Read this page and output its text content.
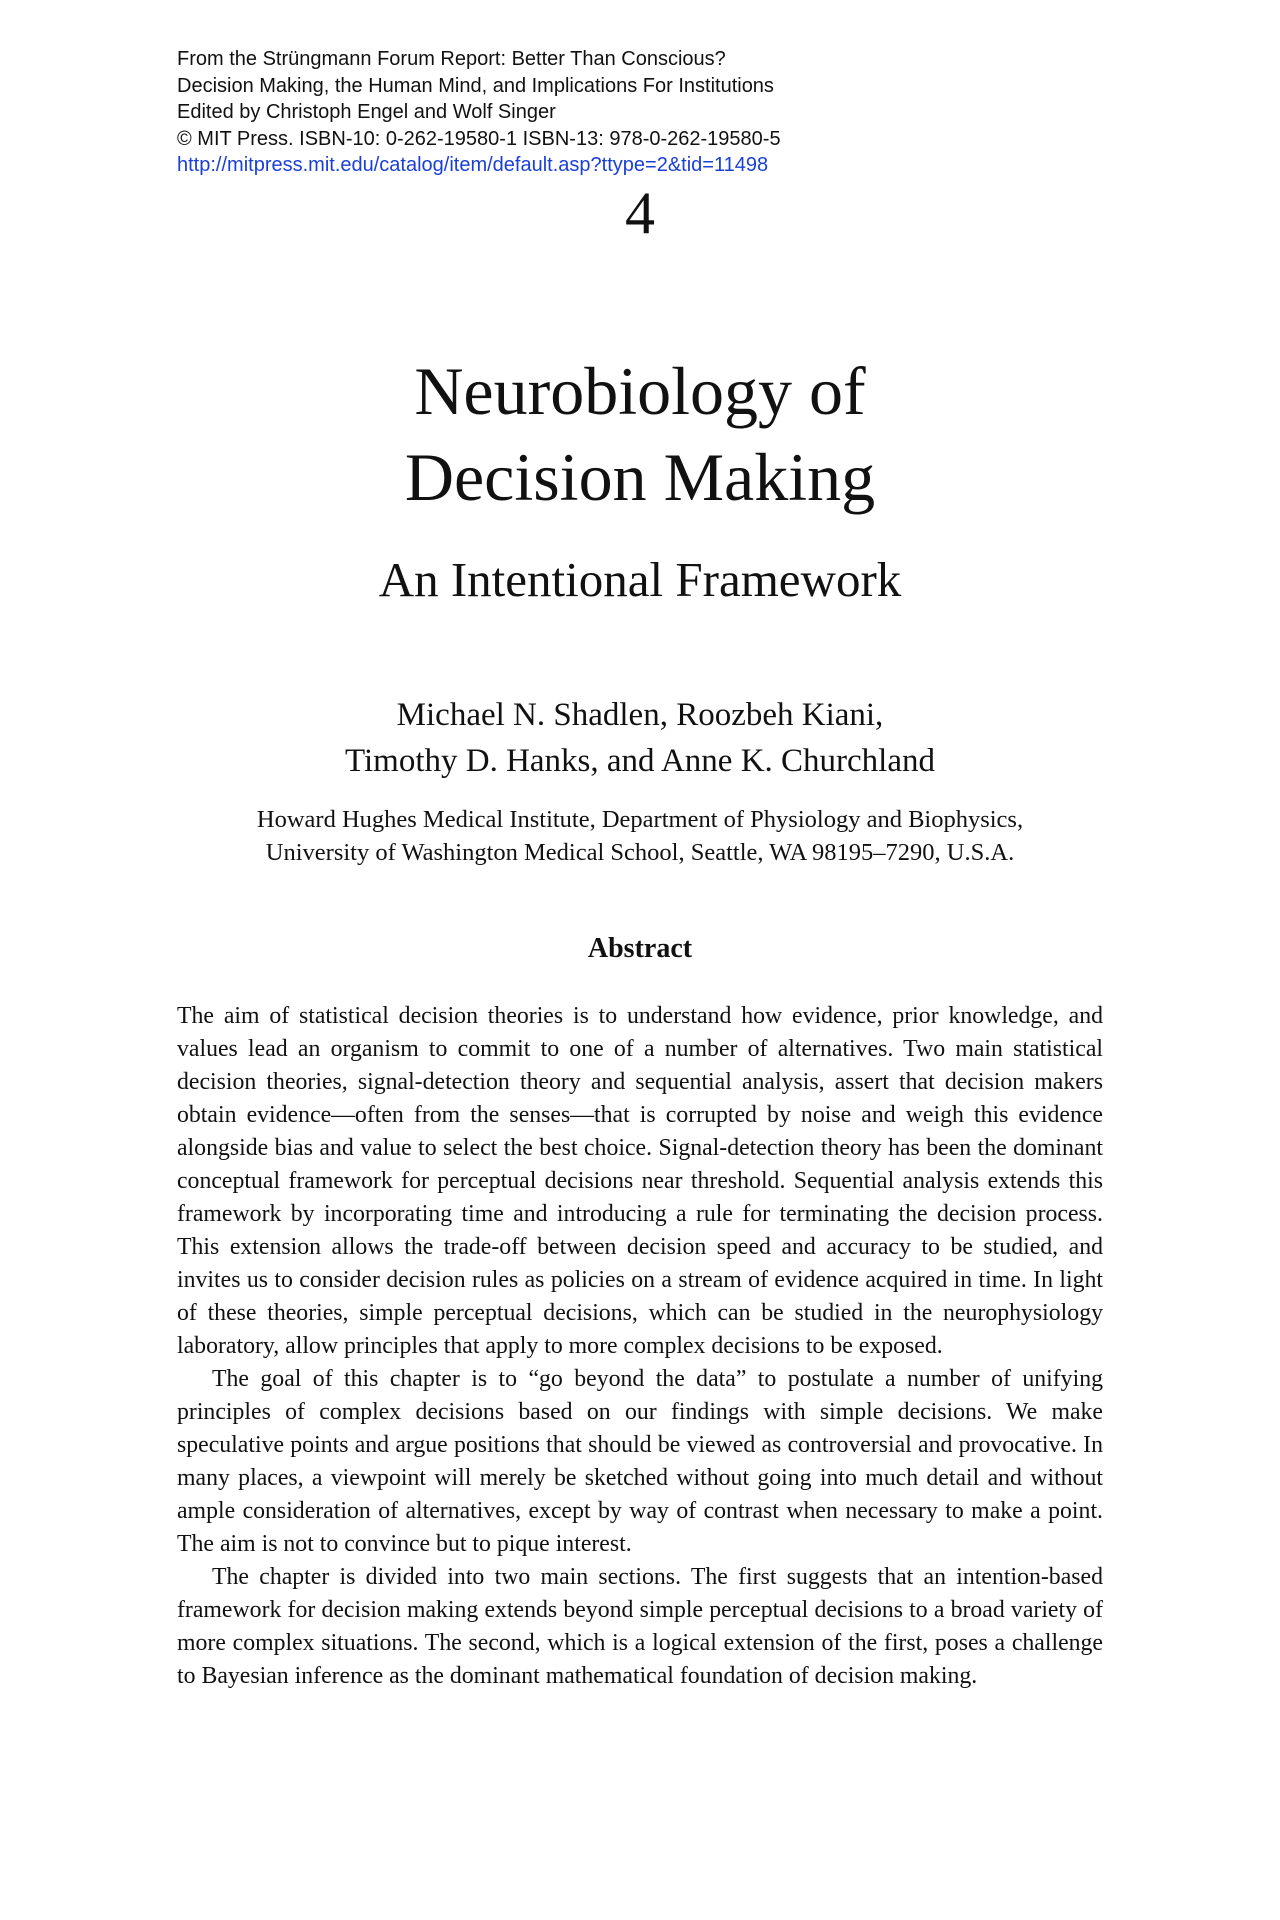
From the Strüngmann Forum Report: Better Than Conscious?
Decision Making, the Human Mind, and Implications For Institutions
Edited by Christoph Engel and Wolf Singer
© MIT Press. ISBN-10: 0-262-19580-1 ISBN-13: 978-0-262-19580-5
http://mitpress.mit.edu/catalog/item/default.asp?ttype=2&tid=11498
4
Neurobiology of
Decision Making
An Intentional Framework
Michael N. Shadlen, Roozbeh Kiani,
Timothy D. Hanks, and Anne K. Churchland
Howard Hughes Medical Institute, Department of Physiology and Biophysics,
University of Washington Medical School, Seattle, WA 98195–7290, U.S.A.
Abstract

The aim of statistical decision theories is to understand how evidence, prior knowledge, and values lead an organism to commit to one of a number of alternatives. Two main statistical decision theories, signal-detection theory and sequential analysis, assert that decision makers obtain evidence—often from the senses—that is corrupted by noise and weigh this evidence alongside bias and value to select the best choice. Signal-detection theory has been the dominant conceptual framework for perceptual decisions near threshold. Sequential analysis extends this framework by incorporating time and introducing a rule for terminating the decision process. This extension allows the trade-off between decision speed and accuracy to be studied, and invites us to consider decision rules as policies on a stream of evidence acquired in time. In light of these theories, simple perceptual decisions, which can be studied in the neurophysiology laboratory, allow principles that apply to more complex decisions to be exposed.

The goal of this chapter is to “go beyond the data” to postulate a number of unifying principles of complex decisions based on our findings with simple decisions. We make speculative points and argue positions that should be viewed as controversial and provocative. In many places, a viewpoint will merely be sketched without going into much detail and without ample consideration of alternatives, except by way of contrast when necessary to make a point. The aim is not to convince but to pique interest.

The chapter is divided into two main sections. The first suggests that an intention-based framework for decision making extends beyond simple perceptual decisions to a broad variety of more complex situations. The second, which is a logical extension of the first, poses a challenge to Bayesian inference as the dominant mathematical foundation of decision making.
